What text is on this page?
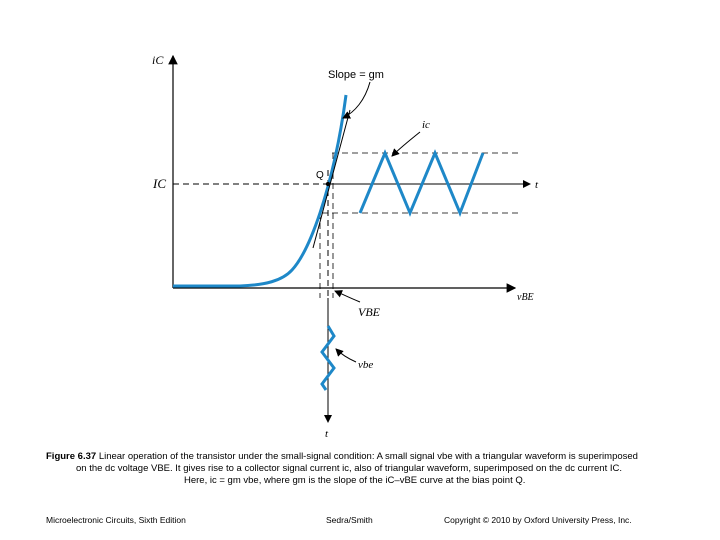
iC
vBE
Slope = gm
ic
IC
Q
t
VBE
vbe
t
Figure 6.37 Linear operation of the transistor under the small-signal condition: A small signal vbe with a triangular waveform is superimposed
on the dc voltage VBE. It gives rise to a collector signal current ic, also of triangular waveform, superimposed on the dc current IC.
Here, ic = gm vbe, where gm is the slope of the iC–vBE curve at the bias point Q.
Microelectronic Circuits, Sixth Edition	Sedra/Smith	Copyright © 2010 by Oxford University Press, Inc.
